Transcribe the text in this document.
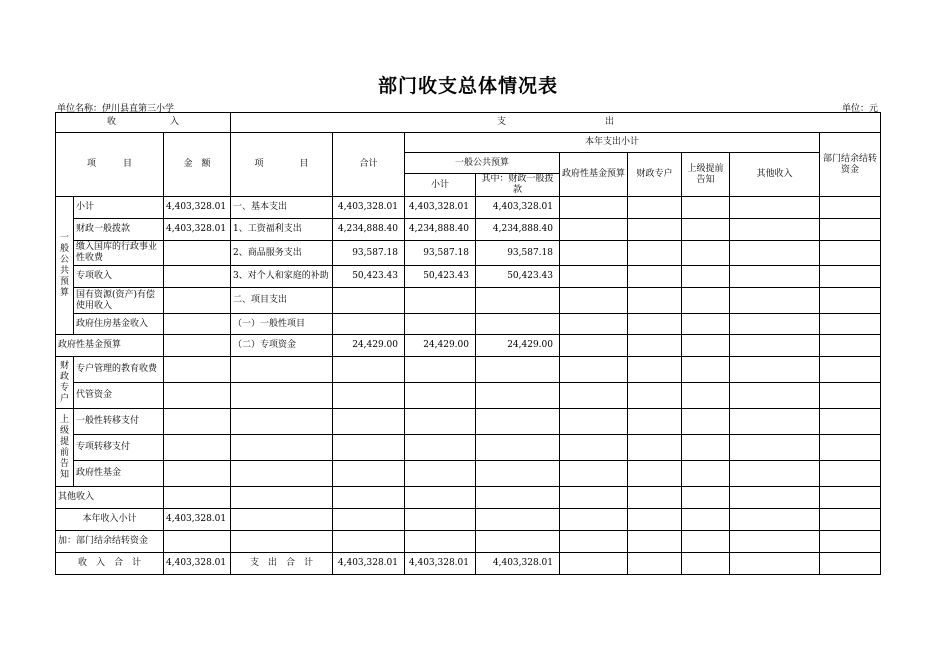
部门收支总体情况表
单位名称：伊川县直第三小学	单位：元
收　　　　　　入			支　　　　　　　　　　　出								
项　　　目		金　额	项　　　　目	合计	本年支出小计						部门结余结转资金
					一般公共预算		政府性基金预算	财政专户	上级提前告知	其他收入	
					小计	其中：财政一般拨款					
一般公共预算	小计	4,403,328.01	一、基本支出	4,403,328.01	4,403,328.01	4,403,328.01					
	财政一般拨款	4,403,328.01	1、工资福利支出	4,234,888.40	4,234,888.40	4,234,888.40					
	缴入国库的行政事业性收费		2、商品服务支出	93,587.18	93,587.18	93,587.18					
	专项收入		3、对个人和家庭的补助	50,423.43	50,423.43	50,423.43					
	国有资源(资产)有偿使用收入		二、项目支出								
	政府住房基金收入		（一）一般性项目								
政府性基金预算			（二）专项资金	24,429.00	24,429.00	24,429.00					
财政专户	专户管理的教育收费										
	代管资金										
上级提前告知	一般性转移支付										
	专项转移支付										
	政府性基金										
其他收入											
本年收入小计		4,403,328.01									
加：部门结余结转资金											
收　入　合　计		4,403,328.01	支　出　合　计	4,403,328.01	4,403,328.01	4,403,328.01					
